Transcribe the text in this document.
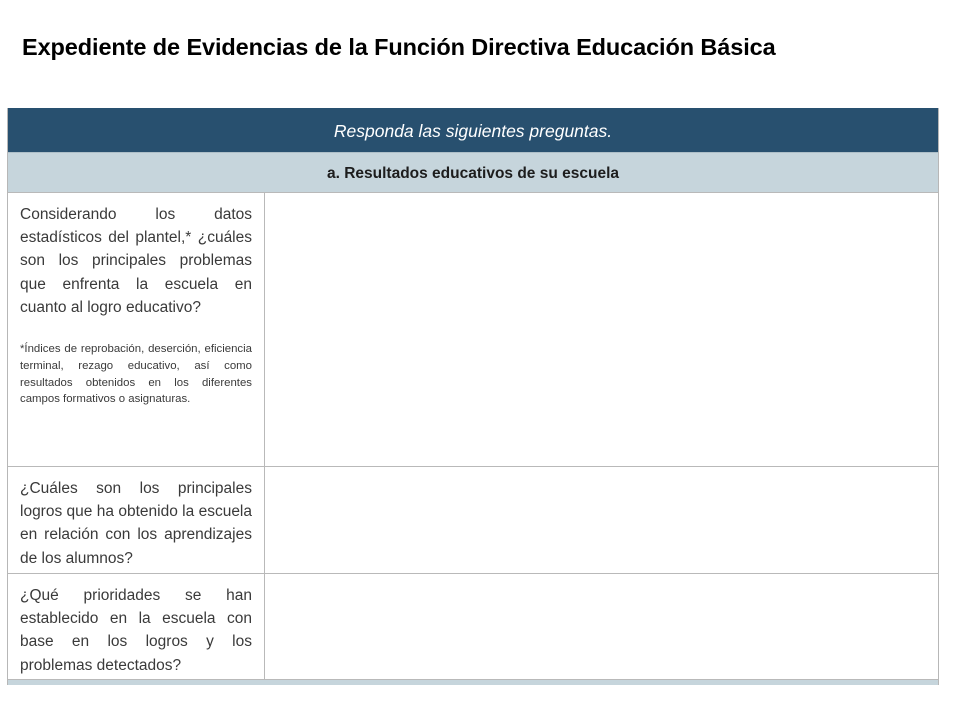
Expediente de Evidencias de la Función Directiva Educación Básica
Responda las siguientes preguntas.
a. Resultados educativos de su escuela

Considerando los datos estadísticos del plantel,* ¿cuáles son los principales problemas que enfrenta la escuela en cuanto al logro educativo?

*Índices de reprobación, deserción, eficiencia terminal, rezago educativo, así como resultados obtenidos en los diferentes campos formativos o asignaturas.

¿Cuáles son los principales logros que ha obtenido la escuela en relación con los aprendizajes de los alumnos?

¿Qué prioridades se han establecido en la escuela con base en los logros y los problemas detectados?
